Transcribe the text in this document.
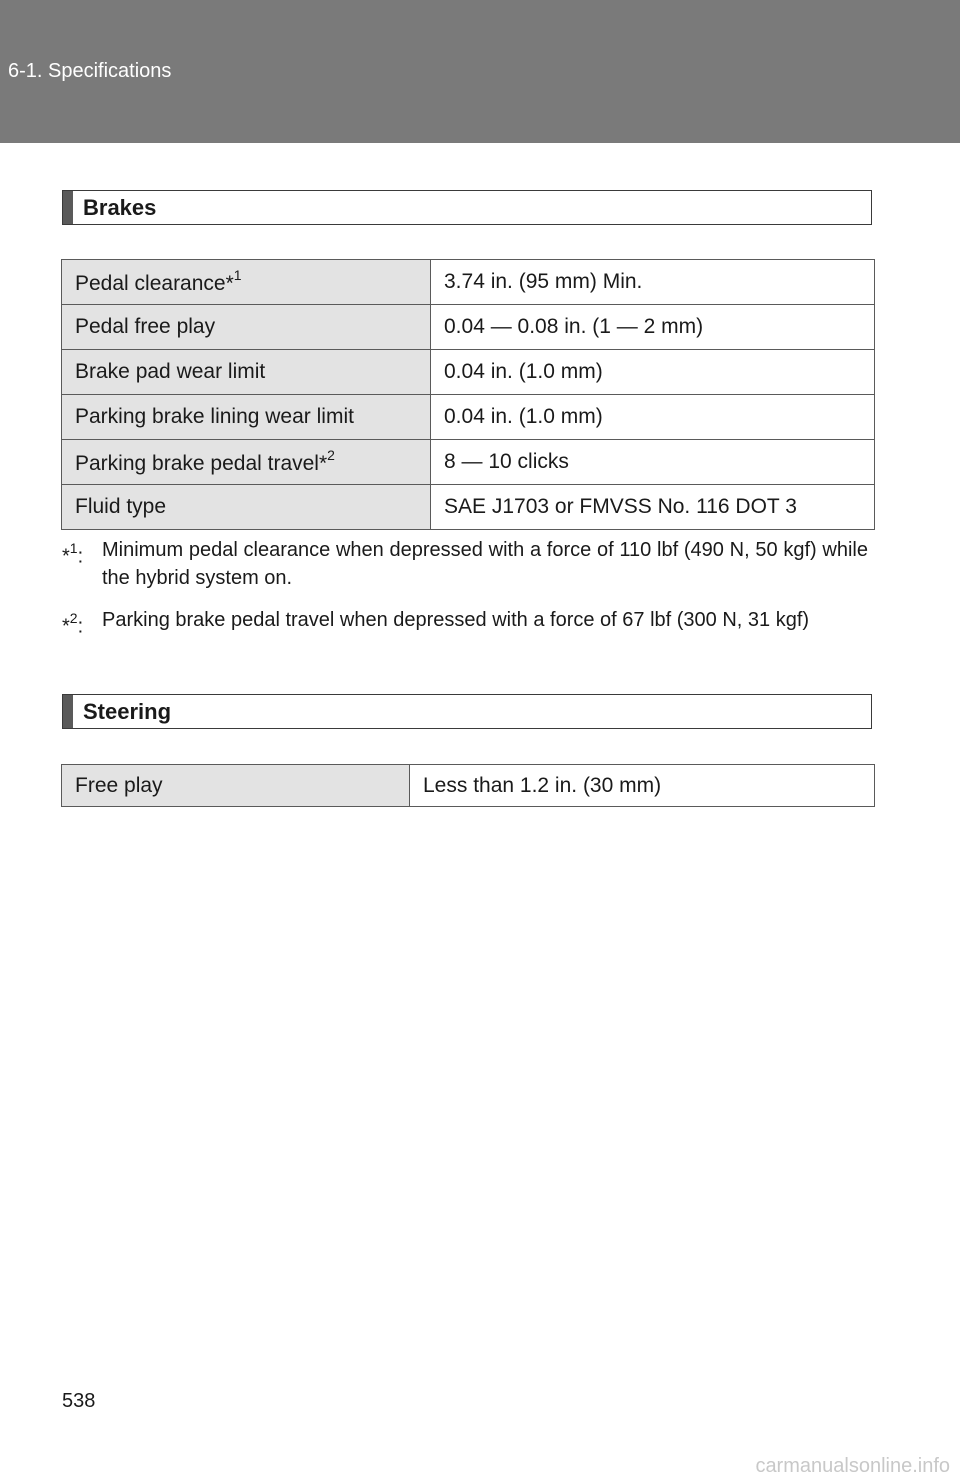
6-1. Specifications
Brakes
Pedal clearance*$^1$	3.74 in. (95 mm) Min.
Pedal free play	0.04 — 0.08 in. (1 — 2 mm)
Brake pad wear limit	0.04 in. (1.0 mm)
Parking brake lining wear limit	0.04 in. (1.0 mm)
Parking brake pedal travel*$^2$	8 — 10 clicks
Fluid type	SAE J1703 or FMVSS No. 116 DOT 3
*$^1$: Minimum pedal clearance when depressed with a force of 110 lbf (490 N, 50 kgf) while the hybrid system on.
*$^2$: Parking brake pedal travel when depressed with a force of 67 lbf (300 N, 31 kgf)
Steering
Free play	Less than 1.2 in. (30 mm)
538
carmanualsonline.info
